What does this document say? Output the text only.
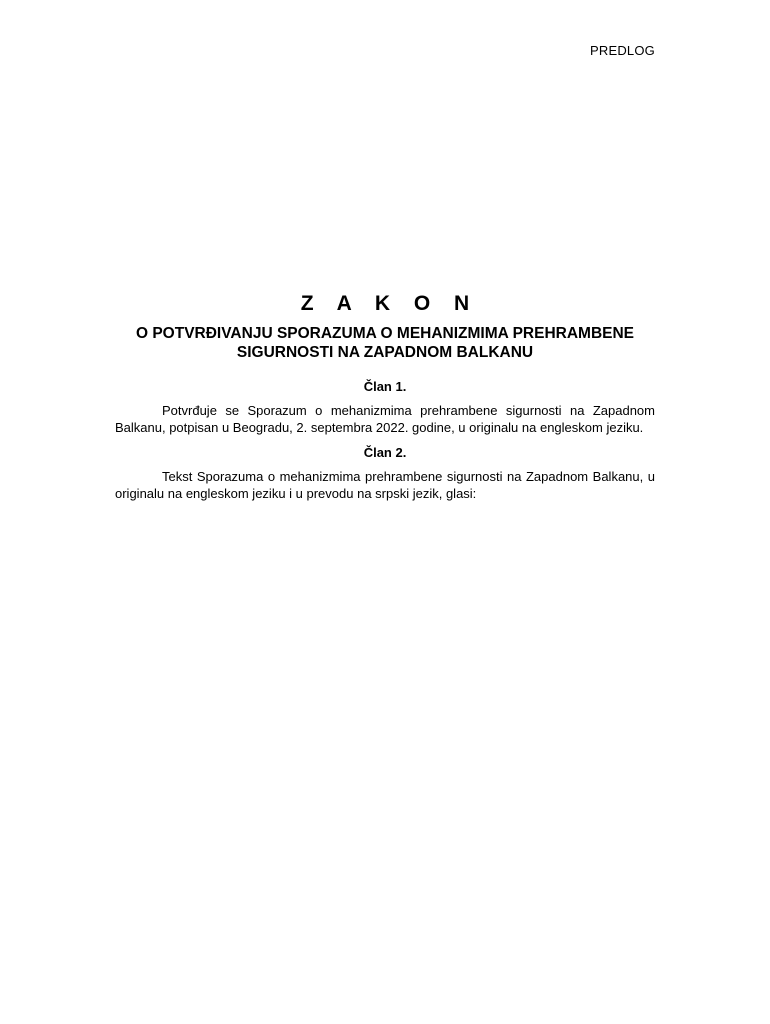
PREDLOG
Z A K O N
O POTVRĐIVANJU SPORAZUMA O MEHANIZMIMA PREHRAMBENE SIGURNOSTI NA ZAPADNOM BALKANU
Član 1.

Potvrđuje se Sporazum o mehanizmima prehrambene sigurnosti na Zapadnom Balkanu, potpisan u Beogradu, 2. septembra 2022. godine, u originalu na engleskom jeziku.

Član 2.

Tekst Sporazuma o mehanizmima prehrambene sigurnosti na Zapadnom Balkanu, u originalu na engleskom jeziku i u prevodu na srpski jezik, glasi:
